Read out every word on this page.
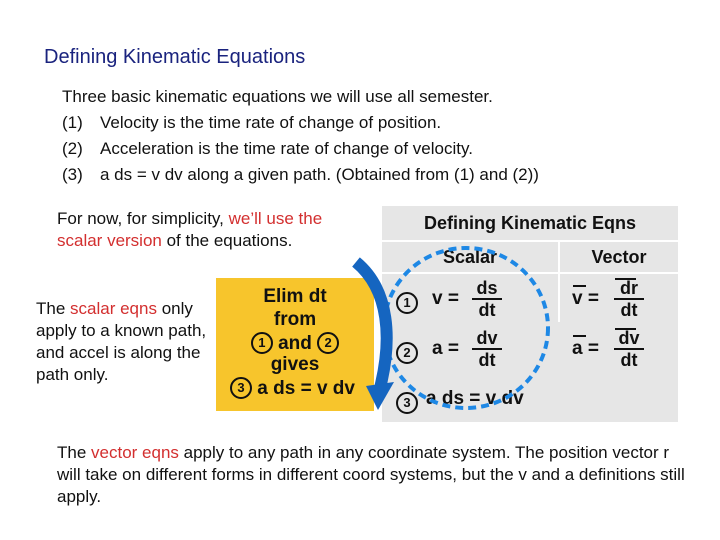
Defining Kinematic Equations
Three basic kinematic equations we will use all semester.
(1) Velocity is the time rate of change of position.
(2) Acceleration is the time rate of change of velocity.
(3) a ds = v dv along a given path. (Obtained from (1) and (2))
For now, for simplicity, we’ll use the scalar version of the equations.
The scalar eqns only apply to a known path, and accel is along the path only.
Elim dt
from
1 and 2
gives
3 a ds = v dv
Defining Kinematic Eqns
Scalar	Vector
1	$v = \frac{ds}{dt}$	$v = \frac{dr}{dt}$
2	$a = \frac{dv}{dt}$	$a = \frac{dv}{dt}$
3 a ds = v dv
The vector eqns apply to any path in any coordinate system. The position vector r will take on different forms in different coord systems, but the v and a definitions still apply.
